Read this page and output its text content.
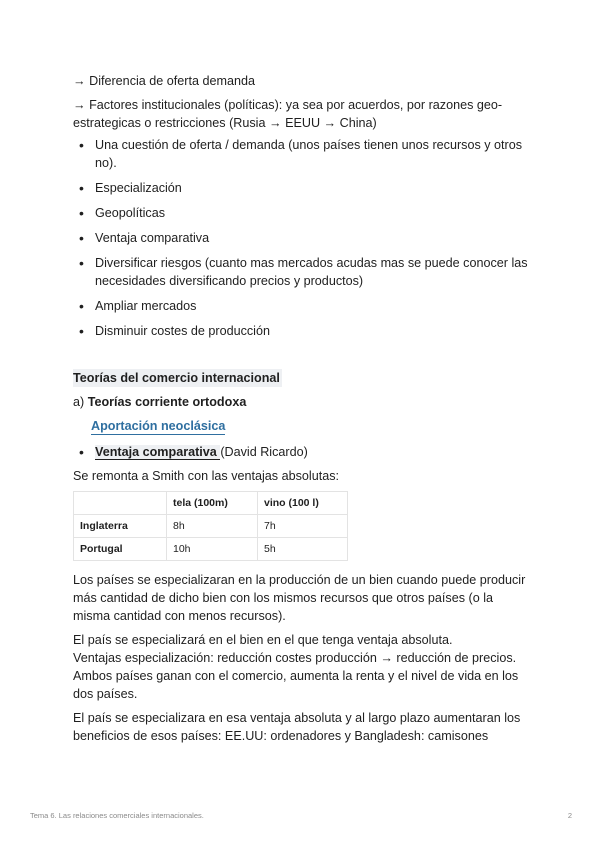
→ Diferencia de oferta demanda

→ Factores institucionales (políticas): ya sea por acuerdos, por razones geo-estrategicas o restricciones (Rusia → EEUU → China)

• Una cuestión de oferta / demanda (unos países tienen unos recursos y otros no).
• Especialización
• Geopolíticas
• Ventaja comparativa
• Diversificar riesgos (cuanto mas mercados acudas mas se puede conocer las necesidades diversificando precios y productos)
• Ampliar mercados
• Disminuir costes de producción
Teorías del comercio internacional
a) Teorías corriente ortodoxa
Aportación neoclásica
• Ventaja comparativa (David Ricardo)

Se remonta a Smith con las ventajas absolutas:

	tela (100m)	vino (100 l)
Inglaterra	8h	7h
Portugal	10h	5h

Los países se especializaran en la producción de un bien cuando puede producir más cantidad de dicho bien con los mismos recursos que otros países (o la misma cantidad con menos recursos).

El país se especializará en el bien en el que tenga ventaja absoluta.
Ventajas especialización: reducción costes producción → reducción de precios.
Ambos países ganan con el comercio, aumenta la renta y el nivel de vida en los dos países.

El país se especializara en esa ventaja absoluta y al largo plazo aumentaran los beneficios de esos países: EE.UU: ordenadores y Bangladesh: camisones

Tema 6. Las relaciones comerciales internacionales.	2
